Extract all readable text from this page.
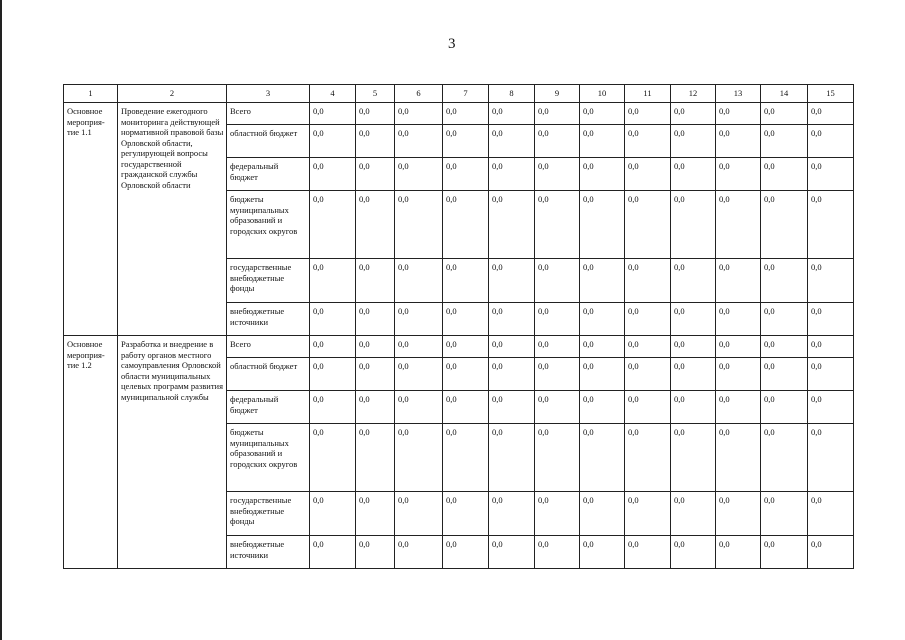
3
1	2	3	4	5	6	7	8	9	10	11	12	13	14	15
Основное мероприя-тие 1.1	Проведение ежегодного мониторинга действующей нормативной правовой базы Орловской области, регулирующей вопросы государственной гражданской службы Орловской области	Всего	0,0	0,0	0,0	0,0	0,0	0,0	0,0	0,0	0,0	0,0	0,0	0,0
		областной бюджет	0,0	0,0	0,0	0,0	0,0	0,0	0,0	0,0	0,0	0,0	0,0	0,0
		федеральный бюджет	0,0	0,0	0,0	0,0	0,0	0,0	0,0	0,0	0,0	0,0	0,0	0,0
		бюджеты муниципальных образований и городских округов	0,0	0,0	0,0	0,0	0,0	0,0	0,0	0,0	0,0	0,0	0,0	0,0
		государственные внебюджетные фонды	0,0	0,0	0,0	0,0	0,0	0,0	0,0	0,0	0,0	0,0	0,0	0,0
		внебюджетные источники	0,0	0,0	0,0	0,0	0,0	0,0	0,0	0,0	0,0	0,0	0,0	0,0
Основное мероприя-тие 1.2	Разработка и внедрение в работу органов местного самоуправления Орловской области муниципальных целевых программ развития муниципальной службы	Всего	0,0	0,0	0,0	0,0	0,0	0,0	0,0	0,0	0,0	0,0	0,0	0,0
		областной бюджет	0,0	0,0	0,0	0,0	0,0	0,0	0,0	0,0	0,0	0,0	0,0	0,0
		федеральный бюджет	0,0	0,0	0,0	0,0	0,0	0,0	0,0	0,0	0,0	0,0	0,0	0,0
		бюджеты муниципальных образований и городских округов	0,0	0,0	0,0	0,0	0,0	0,0	0,0	0,0	0,0	0,0	0,0	0,0
		государственные внебюджетные фонды	0,0	0,0	0,0	0,0	0,0	0,0	0,0	0,0	0,0	0,0	0,0	0,0
		внебюджетные источники	0,0	0,0	0,0	0,0	0,0	0,0	0,0	0,0	0,0	0,0	0,0	0,0
